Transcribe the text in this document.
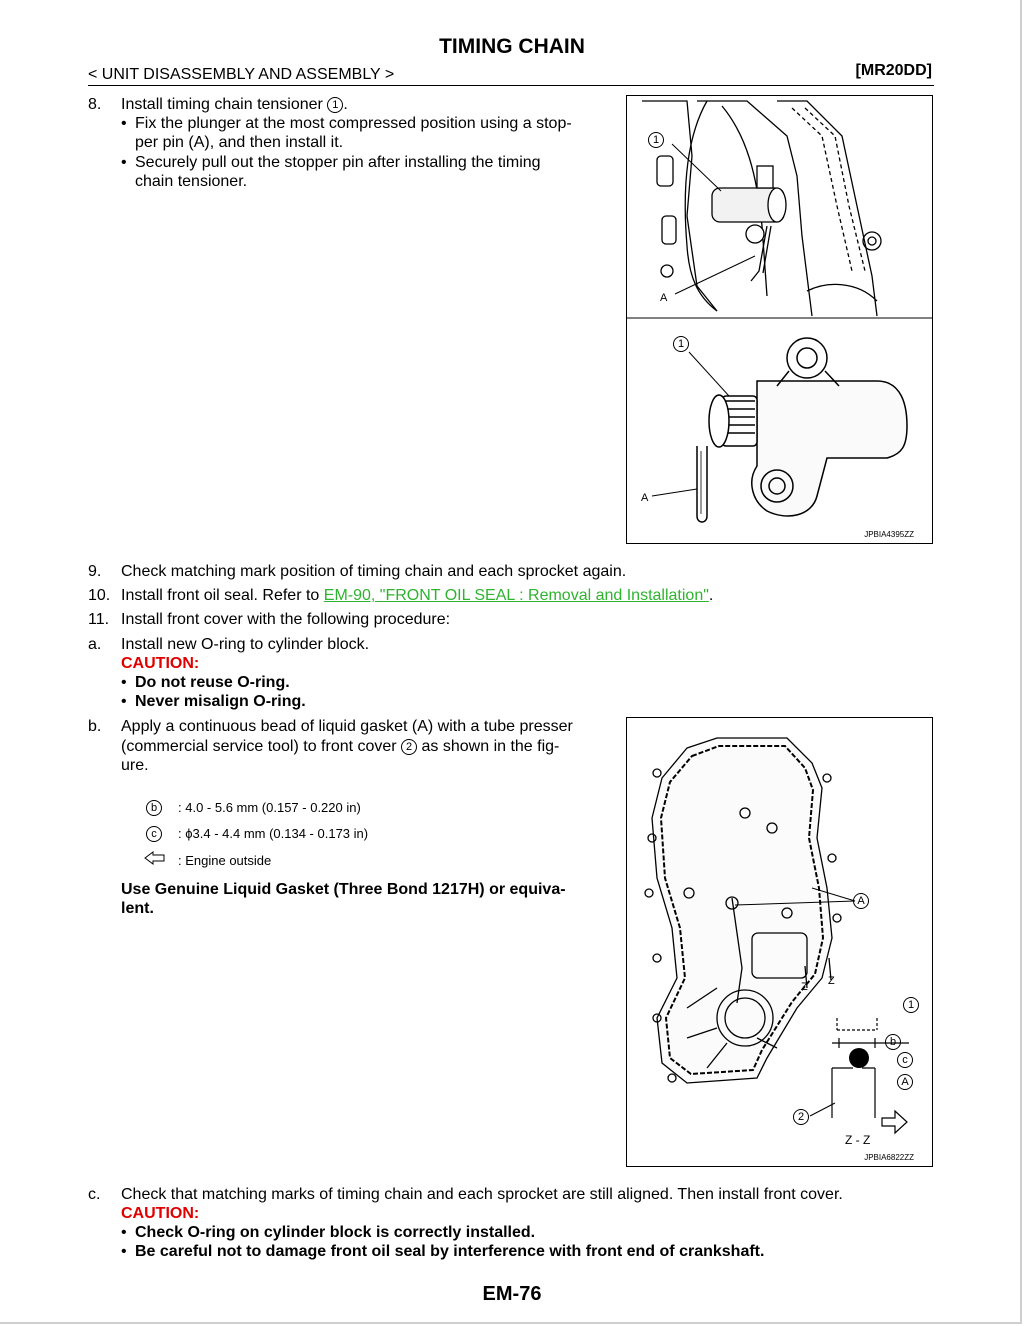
TIMING CHAIN
< UNIT DISASSEMBLY AND ASSEMBLY >	[MR20DD]
8. Install timing chain tensioner 1 .
• Fix the plunger at the most compressed position using a stop-
per pin (A), and then install it.
• Securely pull out the stopper pin after installing the timing
chain tensioner.
1
A
1
A
JPBIA4395ZZ
9. Check matching mark position of timing chain and each sprocket again.
10. Install front oil seal. Refer to EM-90, "FRONT OIL SEAL : Removal and Installation".
11. Install front cover with the following procedure:
a. Install new O-ring to cylinder block.
CAUTION:
• Do not reuse O-ring.
• Never misalign O-ring.
b. Apply a continuous bead of liquid gasket (A) with a tube presser
(commercial service tool) to front cover 2 as shown in the fig-
ure.
b	: 4.0 - 5.6 mm (0.157 - 0.220 in)
c	: ϕ3.4 - 4.4 mm (0.134 - 0.173 in)
: Engine outside
Use Genuine Liquid Gasket (Three Bond 1217H) or equiva-
lent.	A
Z Z
1
b
c
A
2
Z - Z
JPBIA6822ZZ
c. Check that matching marks of timing chain and each sprocket are still aligned. Then install front cover.
CAUTION:
• Check O-ring on cylinder block is correctly installed.
• Be careful not to damage front oil seal by interference with front end of crankshaft.
EM-76
